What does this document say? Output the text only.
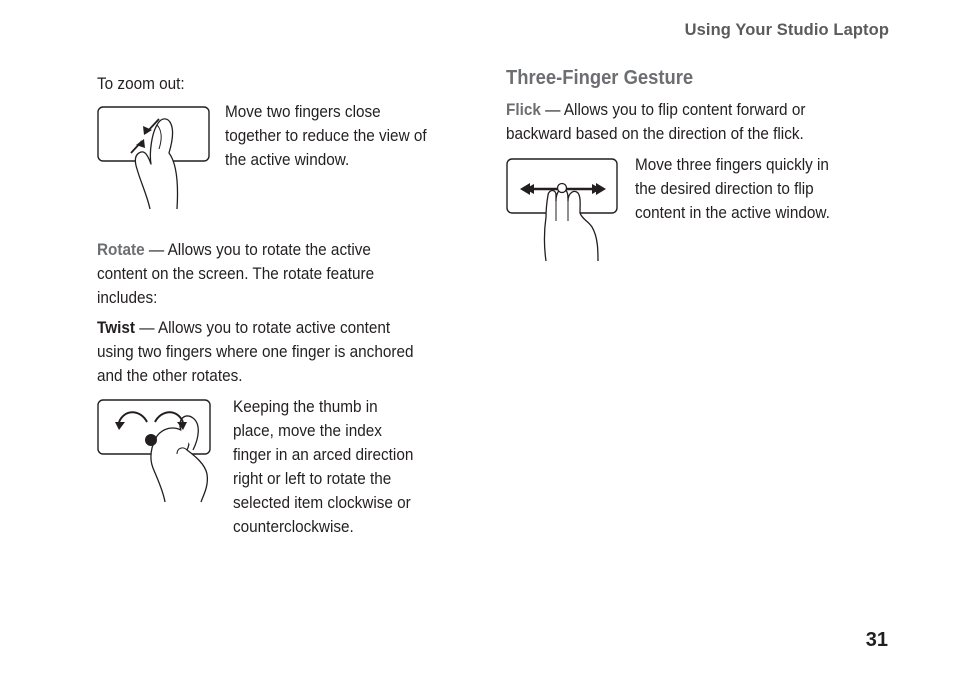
Using Your Studio Laptop
To zoom out:
Move two fingers close
together to reduce the view of
the active window.
Rotate — Allows you to rotate the active
content on the screen. The rotate feature
includes:
Twist — Allows you to rotate active content
using two fingers where one finger is anchored
and the other rotates.
Keeping the thumb in
place, move the index
finger in an arced direction
right or left to rotate the
selected item clockwise or
counterclockwise.
Three-Finger Gesture
Flick — Allows you to flip content forward or
backward based on the direction of the flick.
Move three fingers quickly in
the desired direction to flip
content in the active window.
31
